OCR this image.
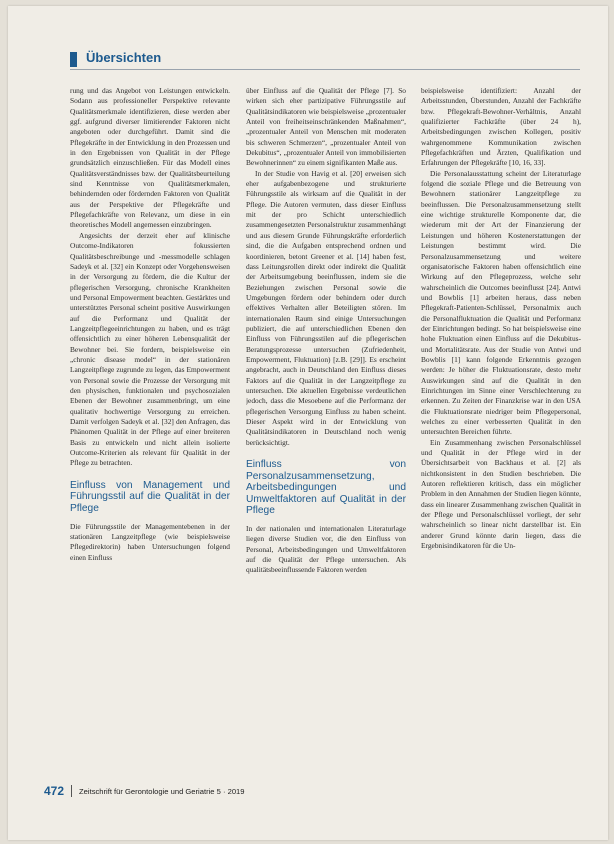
Übersichten

rung und das Angebot von Leistungen entwickeln. Sodann aus professioneller Perspektive relevante Qualitätsmerkmale identifizieren, diese werden aber ggf. aufgrund diverser limitierender Faktoren nicht angeboten oder durchgeführt. Damit sind die Pflegekräfte in der Entwicklung in den Prozessen und in den Ergebnissen von Qualität in der Pflege grundsätzlich einzuschließen. Für das Modell eines Qualitätsverständnisses bzw. der Qualitätsbeurteilung sind Kenntnisse von Qualitätsmerkmalen, behindernden oder fördernden Faktoren von Qualität aus der Perspektive der Pflegekräfte und Pflegefachkräfte von Relevanz, um diese in ein theoretisches Modell angemessen einzubringen.

Angesichts der derzeit eher auf klinische Outcome-Indikatoren fokussierten Qualitätsbeschreibunge und -messmodelle schlagen Sadeyk et al. [32] ein Konzept oder Vorgehensweisen in der Versorgung zu fördern, die die Kultur der pflegerischen Versorgung, chronische Krankheiten und Personal Empowerment beachten. Gestärktes und unterstütztes Personal scheint positive Auswirkungen auf die Performanz und Qualität der Langzeitpflegeeinrichtungen zu haben, und es trägt offensichtlich zu einer höheren Lebensqualität der Bewohner bei. Sie fordern, beispielsweise ein „chronic disease model“ in der stationären Langzeitpflege zugrunde zu legen, das Empowerment von Personal sowie die Prozesse der Versorgung mit den physischen, funktionalen und psychosozialen Ebenen der Bewohner zusammenbringt, um eine qualitativ hochwertige Versorgung zu erreichen. Damit verfolgen Sadeyk et al. [32] den Anfragen, das Phänomen Qualität in der Pflege auf einer breiteren Basis zu entwickeln und nicht allein isolierte Outcome-Kriterien als relevant für Qualität in der Pflege zu betrachten.

Einfluss von Management und Führungsstil auf die Qualität in der Pflege

Die Führungsstile der Managementebenen in der stationären Langzeitpflege (wie beispielsweise Pflegedirektorin) haben Untersuchungen folgend einen Einfluss

über Einfluss auf die Qualität der Pflege [7]. So wirken sich eher partizipative Führungsstile auf Qualitätsindikatoren wie beispielsweise „prozentualer Anteil von freiheitseinschränkenden Maßnahmen“, „prozentualer Anteil von Menschen mit moderaten bis schweren Schmerzen“, „prozentualer Anteil von Dekubitus“, „prozentualer Anteil von immobilisierten Bewohnerinnen“ zu einem signifikanten Maße aus.

In der Studie von Havig et al. [20] erweisen sich eher aufgabenbezogene und strukturierte Führungsstile als wirksam auf die Qualität in der Pflege. Die Autoren vermuten, dass dieser Einfluss mit der pro Schicht unterschiedlich zusammengesetzten Personalstruktur zusammenhängt und aus diesem Grunde Führungskräfte erforderlich sind, die die Aufgaben entsprechend ordnen und koordinieren, betont Greener et al. [14] haben fest, dass Leitungsrollen direkt oder indirekt die Qualität der Arbeitsumgebung beeinflussen, indem sie die Beziehungen zwischen Personal sowie die Umgebungen fördern oder behindern oder durch effektives Verhalten aller Beteiligten stören. Im internationalen Raum sind einige Untersuchungen publiziert, die auf unterschiedlichen Ebenen den Einfluss von Führungsstilen auf die pflegerischen Beratungsprozesse untersuchen (Zufriedenheit, Empowerment, Fluktuation) [z.B. [29]]. Es erscheint angebracht, auch in Deutschland den Einfluss dieses Faktors auf die Qualität in der Langzeitpflege zu untersuchen. Die aktuellen Ergebnisse verdeutlichen jedoch, dass die Mesoebene auf die Performanz der pflegerischen Versorgung Einfluss zu haben scheint. Dieser Aspekt wird in der Entwicklung von Qualitätsindikatoren in Deutschland noch wenig berücksichtigt.

Einfluss von Personalzusammensetzung, Arbeitsbedingungen und Umweltfaktoren auf Qualität in der Pflege

In der nationalen und internationalen Literaturlage liegen diverse Studien vor, die den Einfluss von Personal, Arbeitsbedingungen und Umweltfaktoren auf die Qualität der Pflege untersuchen. Als qualitätsbeeinflussende Faktoren werden

beispielsweise identifiziert: Anzahl der Arbeitsstunden, Überstunden, Anzahl der Fachkräfte bzw. Pflegekraft-Bewohner-Verhältnis, Anzahl qualifizierter Fachkräfte (über 24 h), Arbeitsbedingungen zwischen Kollegen, positiv wahrgenommene Kommunikation zwischen Pflegefachkräften und Ärzten, Qualifikation und Erfahrungen der Pflegekräfte [10, 16, 33].

Die Personalausstattung scheint der Literaturlage folgend die soziale Pflege und die Betreuung von Bewohnern stationärer Langzeitpflege zu beeinflussen. Die Personalzusammensetzung stellt eine wichtige strukturelle Komponente dar, die wiederum mit der Art der Finanzierung der Leistungen und höheren Kostenerstattungen der Leistungen bestimmt wird. Die Personalzusammensetzung und weitere organisatorische Faktoren haben offensichtlich eine Wirkung auf den Pflegeprozess, welche sehr wahrscheinlich die Outcomes beeinflusst [24]. Antwi und Bowblis [1] arbeiten heraus, dass neben Pflegekraft-Patienten-Schlüssel, Personalmix auch die Personalfluktuation die Qualität und Performanz der Einrichtungen bedingt. So hat beispielsweise eine hohe Fluktuation einen Einfluss auf die Dekubitus- und Mortalitätsrate. Aus der Studie von Antwi und Bowblis [1] kann folgende Erkenntnis gezogen werden: Je höher die Fluktuationsrate, desto mehr Auswirkungen sind auf die Qualität in den Einrichtungen im Sinne einer Verschlechterung zu erkennen. Zu Zeiten der Finanzkrise war in den USA die Fluktuationsrate niedriger beim Pflegepersonal, welches zu einer verbesserten Qualität in den untersuchten Bereichen führte.

Ein Zusammenhang zwischen Personalschlüssel und Qualität in der Pflege wird in der Übersichtsarbeit von Backhaus et al. [2] als nichtkonsistent in den Studien beschrieben. Die Autoren reflektieren kritisch, dass ein möglicher Problem in den Annahmen der Studien liegen könnte, dass ein linearer Zusammenhang zwischen Qualität in der Pflege und Personalschlüssel vorliegt, der sehr wahrscheinlich so linear nicht darstellbar ist. Ein anderer Grund könnte darin liegen, dass die Ergebnisindikatoren für die Un-

472 Zeitschrift für Gerontologie und Geriatrie 5 · 2019
